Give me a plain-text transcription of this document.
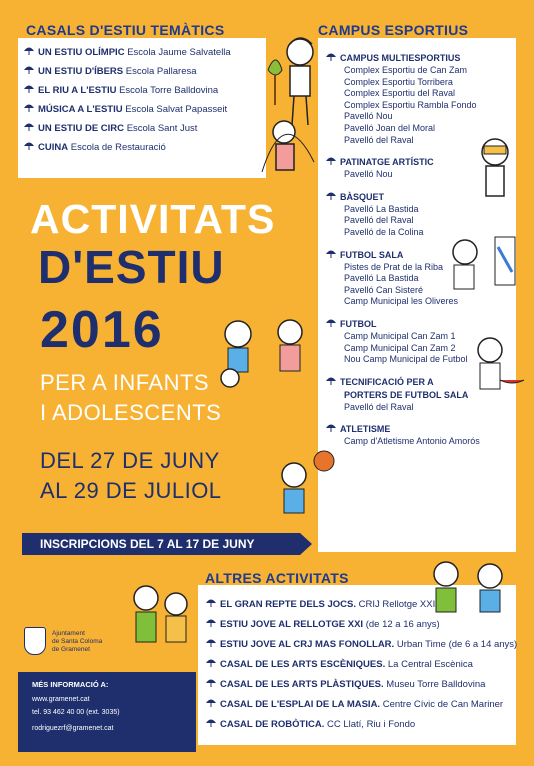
CASALS D'ESTIU TEMÀTICS	CAMPUS ESPORTIUS
ALTRES ACTIVITATS
UN ESTIU OLÍMPIC Escola Jaume Salvatella
UN ESTIU D'ÍBERS Escola Pallaresa
EL RIU A L'ESTIU Escola Torre Balldovina
MÚSICA A L'ESTIU Escola Salvat Papasseit
UN ESTIU DE CIRC Escola Sant Just
CUINA Escola de Restauració
CAMPUS MULTIESPORTIUS
Complex Esportiu de Can Zam
Complex Esportiu Torribera
Complex Esportiu del Raval
Complex Esportiu Rambla Fondo
Pavelló Nou
Pavelló Joan del Moral
Pavelló del Raval
PATINATGE ARTÍSTIC
Pavelló Nou
BÀSQUET
Pavelló La Bastida
Pavelló del Raval
Pavelló de la Colina
FUTBOL SALA
Pistes de Prat de la Riba
Pavelló La Bastida
Pavelló Can Sisteré
Camp Municipal les Oliveres
FUTBOL
Camp Municipal Can Zam 1
Camp Municipal Can Zam 2
Nou Camp Municipal de Futbol
TECNIFICACIÓ PER A
PORTERS DE FUTBOL SALA
Pavelló del Raval
ATLETISME
Camp d'Atletisme Antonio Amorós
ACTIVITATS
D'ESTIU
2016
PER A INFANTS
I ADOLESCENTS
DEL 27 DE JUNY
AL 29 DE JULIOL
INSCRIPCIONS DEL 7 AL 17 DE JUNY
EL GRAN REPTE DELS JOCS. CRIJ Rellotge XXI
ESTIU JOVE AL RELLOTGE XXI (de 12 a 16 anys)
ESTIU JOVE AL CRJ MAS FONOLLAR. Urban Time (de 6 a 14 anys)
CASAL DE LES ARTS ESCÈNIQUES. La Central Escènica
CASAL DE LES ARTS PLÀSTIQUES. Museu Torre Balldovina
CASAL DE L'ESPLAI DE LA MASIA. Centre Cívic de Can Mariner
CASAL DE ROBÒTICA. CC Llatí, Riu i Fondo
Ajuntament
de Santa Coloma
de Gramenet
MÉS INFORMACIÓ A:
www.gramenet.cat
tel. 93 462 40 00 (ext. 3035)
rodriguezrf@gramenet.cat
